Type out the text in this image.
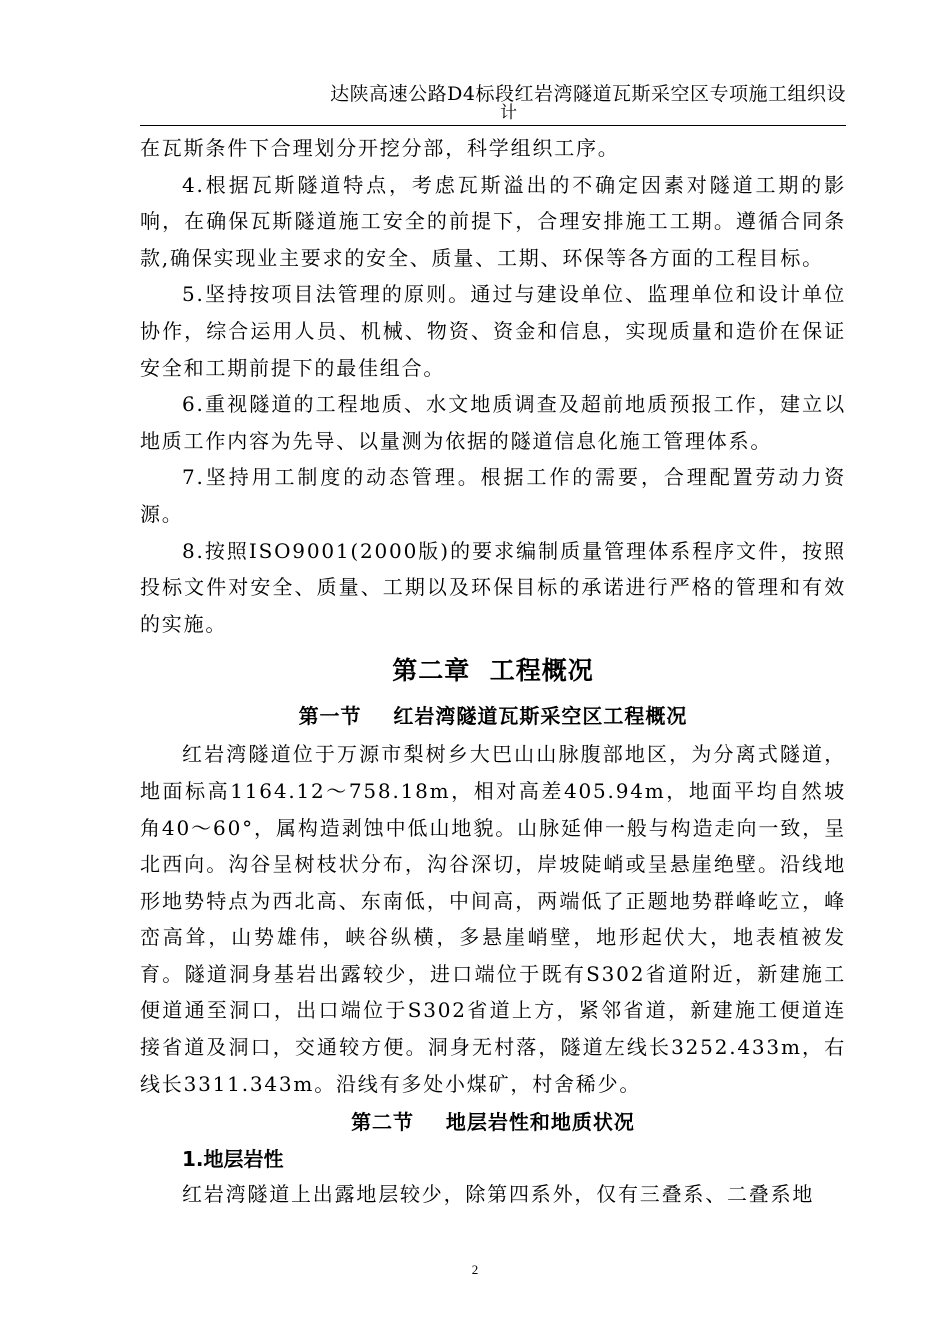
达陕高速公路D4标段红岩湾隧道瓦斯采空区专项施工组织设
计

在瓦斯条件下合理划分开挖分部，科学组织工序。

4.根据瓦斯隧道特点，考虑瓦斯溢出的不确定因素对隧道工期的影响，在确保瓦斯隧道施工安全的前提下，合理安排施工工期。遵循合同条款,确保实现业主要求的安全、质量、工期、环保等各方面的工程目标。

5.坚持按项目法管理的原则。通过与建设单位、监理单位和设计单位协作，综合运用人员、机械、物资、资金和信息，实现质量和造价在保证安全和工期前提下的最佳组合。

6.重视隧道的工程地质、水文地质调查及超前地质预报工作，建立以地质工作内容为先导、以量测为依据的隧道信息化施工管理体系。

7.坚持用工制度的动态管理。根据工作的需要，合理配置劳动力资源。

8.按照ISO9001(2000版)的要求编制质量管理体系程序文件，按照投标文件对安全、质量、工期以及环保目标的承诺进行严格的管理和有效的实施。

第二章  工程概况
第一节    红岩湾隧道瓦斯采空区工程概况

红岩湾隧道位于万源市梨树乡大巴山山脉腹部地区，为分离式隧道，地面标高1164.12～758.18m，相对高差405.94m，地面平均自然坡角40～60°，属构造剥蚀中低山地貌。山脉延伸一般与构造走向一致，呈北西向。沟谷呈树枝状分布，沟谷深切，岸坡陡峭或呈悬崖绝壁。沿线地形地势特点为西北高、东南低，中间高，两端低了正题地势群峰屹立，峰峦高耸，山势雄伟，峡谷纵横，多悬崖峭壁，地形起伏大，地表植被发育。隧道洞身基岩出露较少，进口端位于既有S302省道附近，新建施工便道通至洞口，出口端位于S302省道上方，紧邻省道，新建施工便道连接省道及洞口，交通较方便。洞身无村落，隧道左线长3252.433m，右线长3311.343m。沿线有多处小煤矿，村舍稀少。

第二节    地层岩性和地质状况
1.地层岩性

红岩湾隧道上出露地层较少，除第四系外，仅有三叠系、二叠系地

2
